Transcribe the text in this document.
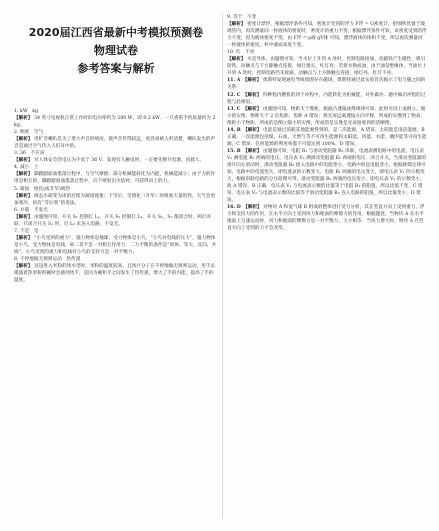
2020届江西省最新中考模拟预测卷
物理试卷
参考答案与解析

1. kW　kg

【解析】 34 英寸电视机正常工作时的电功率约为 200 W，即 0.2 kW．一只香蕉手约质量约为 2 kg。

2. 响度　空气

【解析】 用扩音喇叭是为了增大声音的响度，使声音传得较远，更容易被人听清楚。喇叭发出的声音是通过空气传入人们耳中的。

3. 36　不应该

【解析】 对人体安全的电压为不高于 36 V．发现有人触电时，一定要先断开电源，再救人。

4. 减小　上

【解析】 脚踏踏面油墨落过程中，与空气摩擦，部分机械能转化为内能，机械能减小；由于力的作用是相互的，脚踏踏面油墨落过程中，向下喷射出火焰时，可获得向上的力。

5. 凝固　熔化(或升华)吸热

【解析】 液态水凝变为冰的过程为凝固现象；下雪后，雪熔化（升华）时吸收大量的热，天气会更加寒冷，故有“雪后寒”的说法。

6. 并联　不发光

【解析】 由题图可知，开关 S₁ 控制灯 L₁，开关 S₂ 控制灯 L₂，开关 S₁、S₂ 都闭合时，两灯并联．只闭合开关 S₁ 时，灯 L₂ 未连入电路，不发光。

7. 不是　是

【解析】 “小鸟受到的重力”，施力物体是地球，受力物体是小鸟，“小鸟对电线的压力”，施力物体是小鸟，受力物体是电线，故二者不是一对相互作用力．二力平衡的条件是“同体、等大、反向、共线”，小鸟受到的重力和电线对小鸟的支持力是一对平衡力。

8. 不停地做无规则运动　热传递

【解析】 送设进入米粉的汤水里时，米粉的温度较高，且汤汁分子在不停地做无规则运动，用手去摸盛着热米粉的碗时会感到烫手，是因为碗和手之间发生了热传递，增大了手的内能，提高了手的温度。

9. 等于　不变

【解析】 密度计漂浮，根据漂浮条件可知，密度计受到的浮力 F浮 = G密度计，把细铁丝置于玻璃管内，再次测量同一杯液体的密度时，密度计的重力不变，根据漂浮条件可知，该密度受到的浮力不变，因为液体密度不变，由 F浮 = ρ液 gV排 可知，漂浮液体的体积不变，所以再次测量同一杯液体的密度，杯中液面高度不变。

10. 红　不亮

【解析】 水是导体，由题图可知，当水位上升到 A 处时，控制电路接通，电磁铁产生磁性，吸引衔铁，动触点与下方静触点连接，绿灯熄灭，红灯亮；若将水换成油，由于油是绝缘体，当油位上升到 A 处时，控制电路仍未接通，动触点与上方静触点连接，绿灯亮，红灯不亮。

11. A　【解析】 奥斯特发现通电导线周围存在磁场，奥斯特通过此实验首次揭示了电与磁之间的关系.

12. C　【解析】 四种程内燃机的四个冲程中，内能转化为机械能，对外做功．题中做功冲程的过程与此相似。

13. C　【解析】 由题图可知，物距大于像距，根据凸透镜成像规律可知，此时光屏上成倒立、缩小的实像，物距大于 2 倍焦距，焦距 A 错误；将光屏远离透镜方向平移，所成的实像到了物高，像距小于物距，所成的是倒立缩小的实像，所成的是实像是光屏接收到的清晰像。

14. B　【解析】 电能是通过消耗其他能源得到的，是二次能源，A 错误．太阳能是清洁能源，B 正确．一次能源包括煤、石油、天然气等不可再生能源和太阳能、风能、水能、潮汐能等可再生能源，C 错误．任何能源的利用率都不可能达到 100%，D 错误。

15. B　【解析】 由题图可知，电阻 R₁ 与滑动变阻器 R₂ 串联，电流表测电路中的电流，电压表 V₁ 测电阻 R₁ 两端的电压，电压表 V₂ 测滑动变阻器 R₂ 两端的电压．闭合开关，当滑动变阻器的滑片向左滑动时，滑动变阻器 R₂ 接入电路中的电阻变小，电路中的总电阻变小，根据欧姆定律可知，电路中的电流变大，即电流表的示数变大，电阻 R₁ 两端的电压变大，即电压表 V₁ 的示数变大，根据串联电路的分压原理可得，滑动变阻器 R₂ 两端的电压变小，即电压表 V₂ 的示数变小，故 A 错误，B 正确．电压表 V₁ 与电流表示数的比值等于电阻 R₁ 的阻值，所以比值不变，C 错误．电压表 V₂ 与电流表示数的比值等于滑动变阻器 R₂ 连入电路的阻值，所以比值变小，D 错误。

16. D　【解析】 对物块 A 和氢气球 B 组成的整体进行受力分析，其在竖直方向上受到重力、浮力和支持力的作用，在水平方向上受到风力和地面的摩擦力的作用。根据题意，当物块 A 在水平地面上匀速运动时，风力和地面的摩擦力是一对平衡力，大小相等．当风力增大时，物块 A 在竖直方向上受到的力不会改变。
